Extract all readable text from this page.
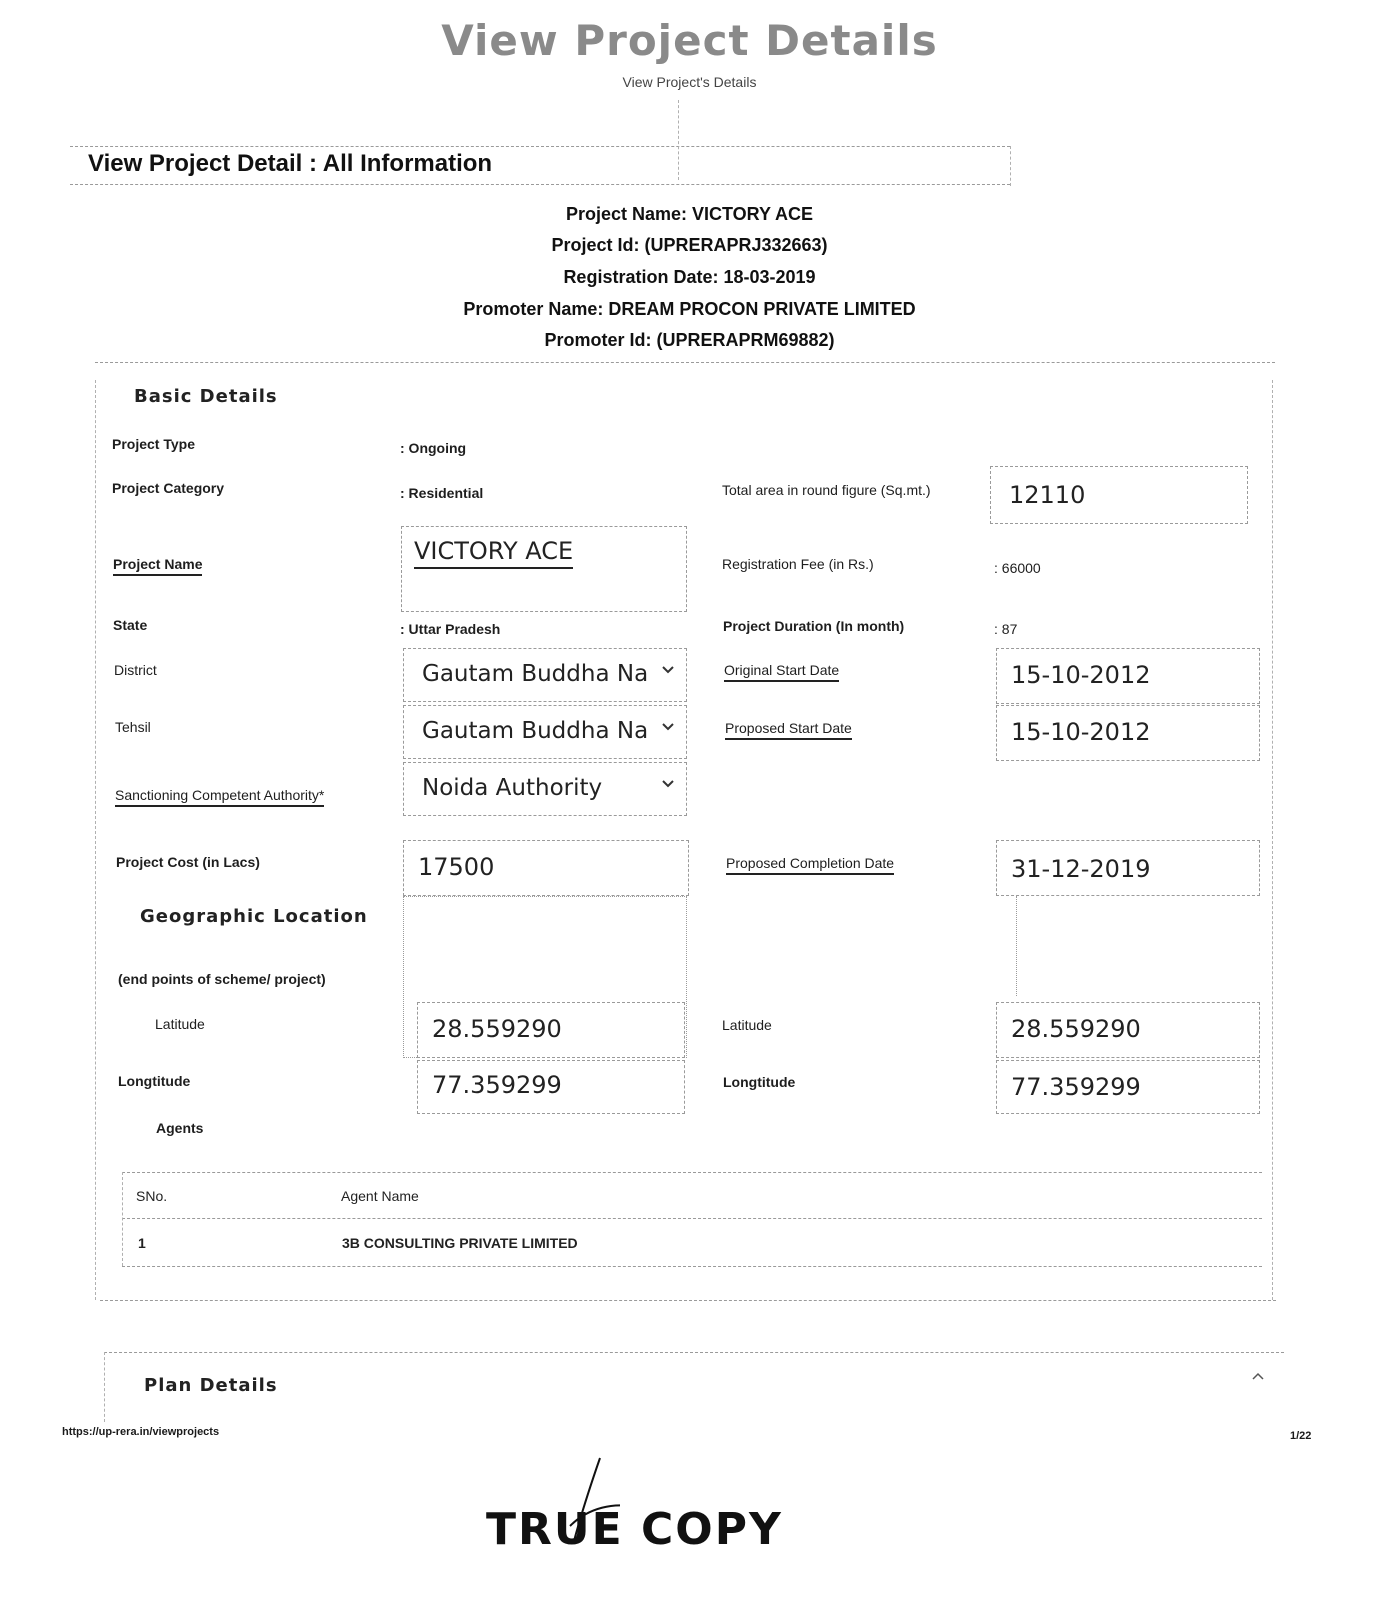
View Project Details
View Project's Details
View Project Detail : All Information
Project Name: VICTORY ACE
Project Id: (UPRERAPRJ332663)
Registration Date: 18-03-2019
Promoter Name: DREAM PROCON PRIVATE LIMITED
Promoter Id: (UPRERAPRM69882)
Basic Details
Project Type	: Ongoing
Project Category	: Residential	Total area in round figure (Sq.mt.)	12110
Project Name	VICTORY ACE	Registration Fee (in Rs.)	: 66000
State	: Uttar Pradesh	Project Duration (In month)	: 87
District	Gautam Buddha Na	Original Start Date	15-10-2012
Tehsil	Gautam Buddha Na	Proposed Start Date	15-10-2012
Sanctioning Competent Authority*	Noida Authority
Project Cost (in Lacs)	17500	Proposed Completion Date	31-12-2019
Geographic Location
(end points of scheme/ project)
Latitude	28.559290	Latitude	28.559290
Longtitude	77.359299	Longtitude	77.359299
Agents
SNo.	Agent Name
1	3B CONSULTING PRIVATE LIMITED
Plan Details
https://up-rera.in/viewprojects	1/22
TRUE COPY
